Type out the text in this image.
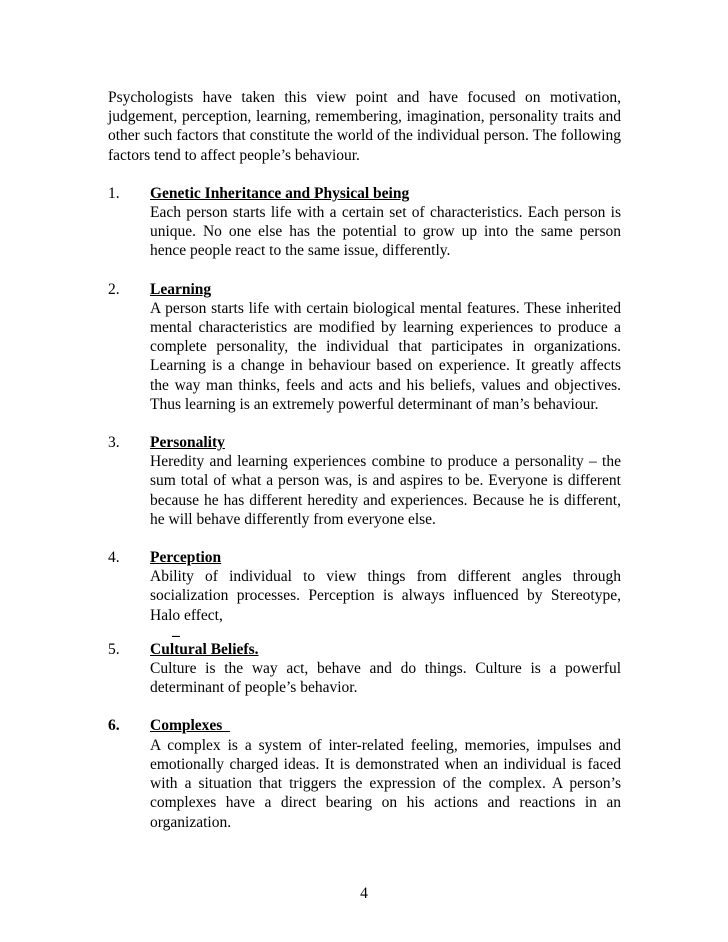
Psychologists have taken this view point and have focused on motivation, judgement, perception, learning, remembering, imagination, personality traits and other such factors that constitute the world of the individual person. The following factors tend to affect people’s behaviour.

1. Genetic Inheritance and Physical being

Each person starts life with a certain set of characteristics. Each person is unique. No one else has the potential to grow up into the same person hence people react to the same issue, differently.

2. Learning

A person starts life with certain biological mental features. These inherited mental characteristics are modified by learning experiences to produce a complete personality, the individual that participates in organizations. Learning is a change in behaviour based on experience. It greatly affects the way man thinks, feels and acts and his beliefs, values and objectives. Thus learning is an extremely powerful determinant of man’s behaviour.

3. Personality

Heredity and learning experiences combine to produce a personality – the sum total of what a person was, is and aspires to be. Everyone is different because he has different heredity and experiences. Because he is different, he will behave differently from everyone else.

4. Perception

Ability of individual to view things from different angles through socialization processes. Perception is always influenced by Stereotype, Halo effect,

_
5. Cultural Beliefs.

Culture is the way act, behave and do things. Culture is a powerful determinant of people’s behavior.

6. Complexes

A complex is a system of inter-related feeling, memories, impulses and emotionally charged ideas. It is demonstrated when an individual is faced with a situation that triggers the expression of the complex. A person’s complexes have a direct bearing on his actions and reactions in an organization.

4
